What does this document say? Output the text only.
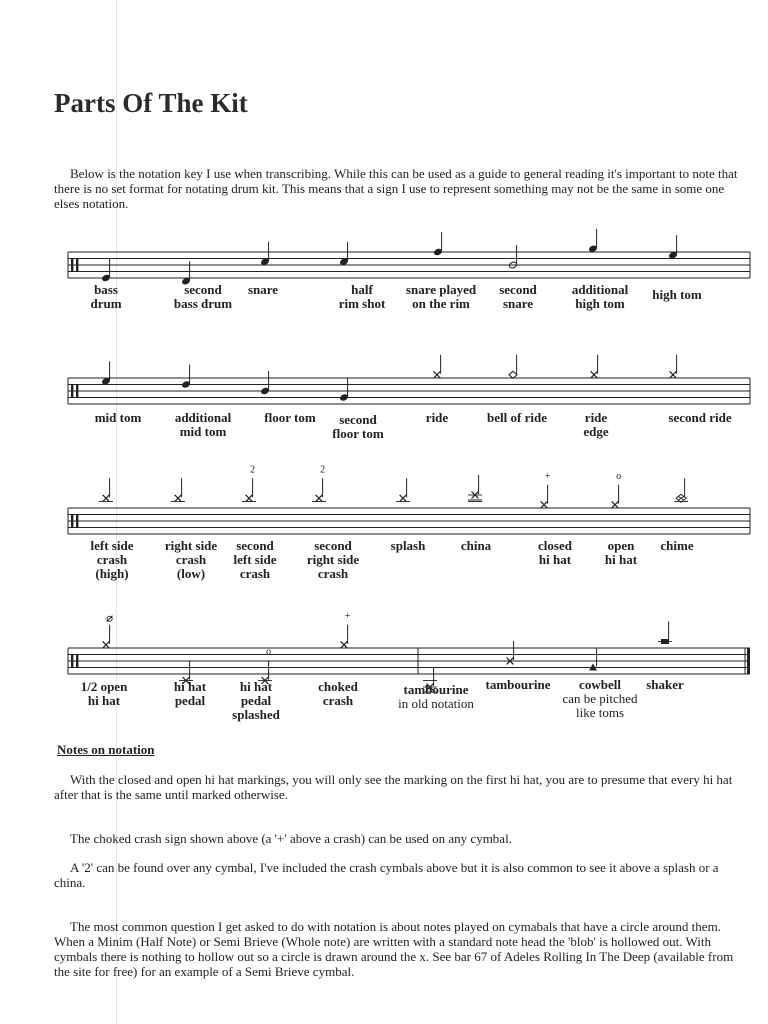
Parts Of The Kit

Below is the notation key I use when transcribing. While this can be used as a guide to general reading it's important to note that there is no set format for notating drum kit. This means that a sign I use to represent something may not be the same in some one elses notation.

2	2
+	o
o
+
bass
drum
second
bass drum
snare	half
rim shot
snare played
on the rim
second
snare
additional
high tom
high tom
mid tom	additional
mid tom
floor tom	second
floor tom
ride	bell of ride	ride
edge
second ride
left side
crash
(high)
right side
crash
(low)
second
left side
crash
second
right side
crash
splash	china	closed
hi hat
open
hi hat
chime
1/2 open
hi hat
hi hat
pedal
hi hat
pedal
splashed
choked
crash
tambourine
in old notation
tambourine	cowbell
can be pitched
like toms
shaker
Notes on notation

With the closed and open hi hat markings, you will only see the marking on the first hi hat, you are to presume that every hi hat after that is the same until marked otherwise.

The choked crash sign shown above (a '+' above a crash) can be used on any cymbal.

A '2' can be found over any cymbal, I've included the crash cymbals above but it is also common to see it above a splash or a china.

The most common question I get asked to do with notation is about notes played on cymabals that have a circle around them. When a Minim (Half Note) or Semi Brieve (Whole note) are written with a standard note head the 'blob' is hollowed out. With cymbals there is nothing to hollow out so a circle is drawn around the x. See bar 67 of Adeles Rolling In The Deep (available from the site for free) for an example of a Semi Brieve cymbal.
